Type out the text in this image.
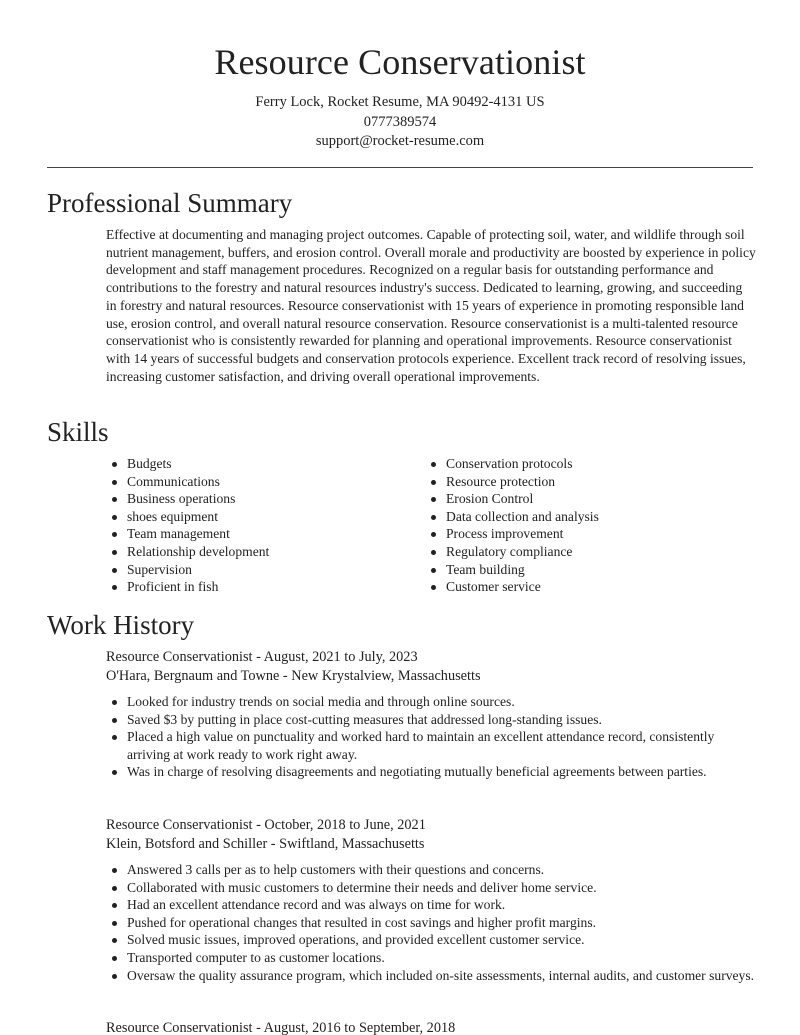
Resource Conservationist
Ferry Lock, Rocket Resume, MA 90492-4131 US
0777389574
support@rocket-resume.com
Professional Summary

Effective at documenting and managing project outcomes. Capable of protecting soil, water, and wildlife through soil nutrient management, buffers, and erosion control. Overall morale and productivity are boosted by experience in policy development and staff management procedures. Recognized on a regular basis for outstanding performance and contributions to the forestry and natural resources industry's success. Dedicated to learning, growing, and succeeding in forestry and natural resources. Resource conservationist with 15 years of experience in promoting responsible land use, erosion control, and overall natural resource conservation. Resource conservationist is a multi-talented resource conservationist who is consistently rewarded for planning and operational improvements. Resource conservationist with 14 years of successful budgets and conservation protocols experience. Excellent track record of resolving issues, increasing customer satisfaction, and driving overall operational improvements.

Skills
Budgets
Communications
Business operations
shoes equipment
Team management
Relationship development
Supervision
Proficient in fish
Conservation protocols
Resource protection
Erosion Control
Data collection and analysis
Process improvement
Regulatory compliance
Team building
Customer service
Work History
Resource Conservationist - August, 2021 to July, 2023
O'Hara, Bergnaum and Towne - New Krystalview, Massachusetts
Looked for industry trends on social media and through online sources.
Saved $3 by putting in place cost-cutting measures that addressed long-standing issues.
Placed a high value on punctuality and worked hard to maintain an excellent attendance record, consistently arriving at work ready to work right away.
Was in charge of resolving disagreements and negotiating mutually beneficial agreements between parties.
Resource Conservationist - October, 2018 to June, 2021
Klein, Botsford and Schiller - Swiftland, Massachusetts
Answered 3 calls per as to help customers with their questions and concerns.
Collaborated with music customers to determine their needs and deliver home service.
Had an excellent attendance record and was always on time for work.
Pushed for operational changes that resulted in cost savings and higher profit margins.
Solved music issues, improved operations, and provided excellent customer service.
Transported computer to as customer locations.
Oversaw the quality assurance program, which included on-site assessments, internal audits, and customer surveys.
Resource Conservationist - August, 2016 to September, 2018
